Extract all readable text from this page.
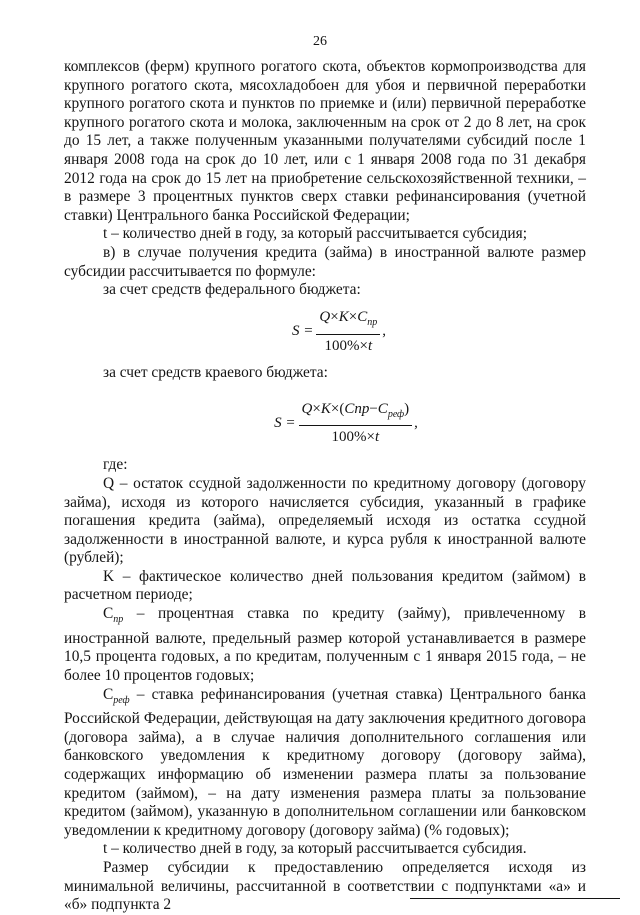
26

комплексов (ферм) крупного рогатого скота, объектов кормопроизводства для крупного рогатого скота, мясохладобоен для убоя и первичной переработки крупного рогатого скота и пунктов по приемке и (или) первичной переработке крупного рогатого скота и молока, заключенным на срок от 2 до 8 лет, на срок до 15 лет, а также полученным указанными получателями субсидий после 1 января 2008 года на срок до 10 лет, или с 1 января 2008 года по 31 декабря 2012 года на срок до 15 лет на приобретение сельскохозяйственной техники, – в размере 3 процентных пунктов сверх ставки рефинансирования (учетной ставки) Центрального банка Российской Федерации;

t – количество дней в году, за который рассчитывается субсидия;

в) в случае получения кредита (займа) в иностранной валюте размер субсидии рассчитывается по формуле:

за счет средств федерального бюджета:

$S = \frac{Q\times K\times C_{пр}}{100\%\times t}$ ,

за счет средств краевого бюджета:

$S = \frac{Q\times K\times(Cпр-C_{реф})}{100\%\times t}$ ,

где:

Q – остаток ссудной задолженности по кредитному договору (договору займа), исходя из которого начисляется субсидия, указанный в графике погашения кредита (займа), определяемый исходя из остатка ссудной задолженности в иностранной валюте, и курса рубля к иностранной валюте (рублей);

K – фактическое количество дней пользования кредитом (займом) в расчетном периоде;

$С_{пр}$ – процентная ставка по кредиту (займу), привлеченному в иностранной валюте, предельный размер которой устанавливается в размере 10,5 процента годовых, а по кредитам, полученным с 1 января 2015 года, – не более 10 процентов годовых;

$С_{реф}$ – ставка рефинансирования (учетная ставка) Центрального банка Российской Федерации, действующая на дату заключения кредитного договора (договора займа), а в случае наличия дополнительного соглашения или банковского уведомления к кредитному договору (договору займа), содержащих информацию об изменении размера платы за пользование кредитом (займом), – на дату изменения размера платы за пользование кредитом (займом), указанную в дополнительном соглашении или банковском уведомлении к кредитному договору (договору займа) (% годовых);

t – количество дней в году, за который рассчитывается субсидия.

Размер субсидии к предоставлению определяется исходя из минимальной величины, рассчитанной в соответствии с подпунктами «а» и «б» подпункта 2
